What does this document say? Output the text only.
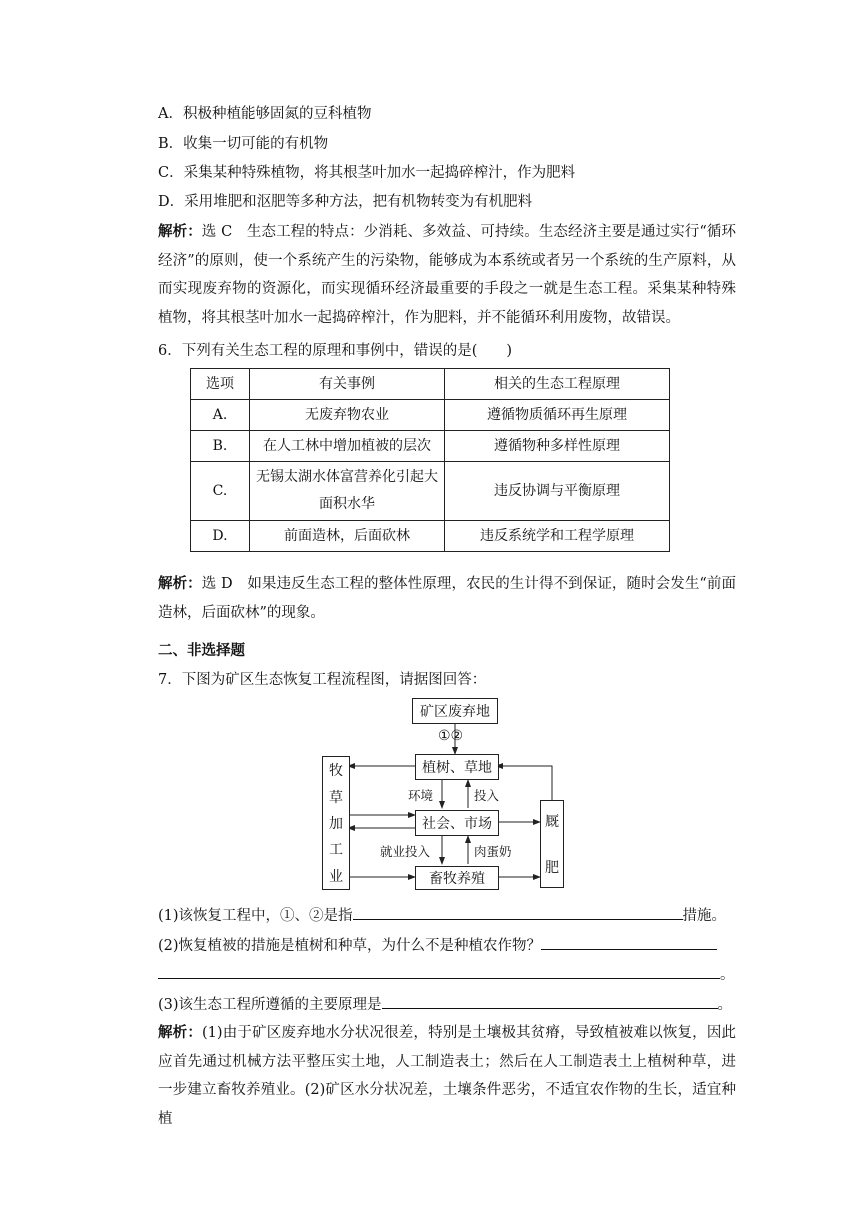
A．积极种植能够固氮的豆科植物
B．收集一切可能的有机物
C．采集某种特殊植物，将其根茎叶加水一起捣碎榨汁，作为肥料
D．采用堆肥和沤肥等多种方法，把有机物转变为有机肥料
解析：选 C　生态工程的特点：少消耗、多效益、可持续。生态经济主要是通过实行“循环经济”的原则，使一个系统产生的污染物，能够成为本系统或者另一个系统的生产原料，从而实现废弃物的资源化，而实现循环经济最重要的手段之一就是生态工程。采集某种特殊植物，将其根茎叶加水一起捣碎榨汁，作为肥料，并不能循环利用废物，故错误。
6．下列有关生态工程的原理和事例中，错误的是(　　)
选项	有关事例	相关的生态工程原理
A.	无废弃物农业	遵循物质循环再生原理
B.	在人工林中增加植被的层次	遵循物种多样性原理
C.	无锡太湖水体富营养化引起大面积水华	违反协调与平衡原理
D.	前面造林，后面砍林	违反系统学和工程学原理
解析：选 D　如果违反生态工程的整体性原理，农民的生计得不到保证，随时会发生“前面造林，后面砍林”的现象。
二、非选择题
7．下图为矿区生态恢复工程流程图，请据图回答：
矿区废弃地
①②
植树、草地
社会、市场
畜牧养殖
牧
草
加
工
业
厩
肥
环境	投入
就业投入	肉蛋奶
(1)该恢复工程中，①、②是指	措施。
(2)恢复植被的措施是植树和种草，为什么不是种植农作物？
。
(3)该生态工程所遵循的主要原理是	。
解析：(1)由于矿区废弃地水分状况很差，特别是土壤极其贫瘠，导致植被难以恢复，因此应首先通过机械方法平整压实土地，人工制造表土；然后在人工制造表土上植树种草，进一步建立畜牧养殖业。(2)矿区水分状况差，土壤条件恶劣，不适宜农作物的生长，适宜种植
